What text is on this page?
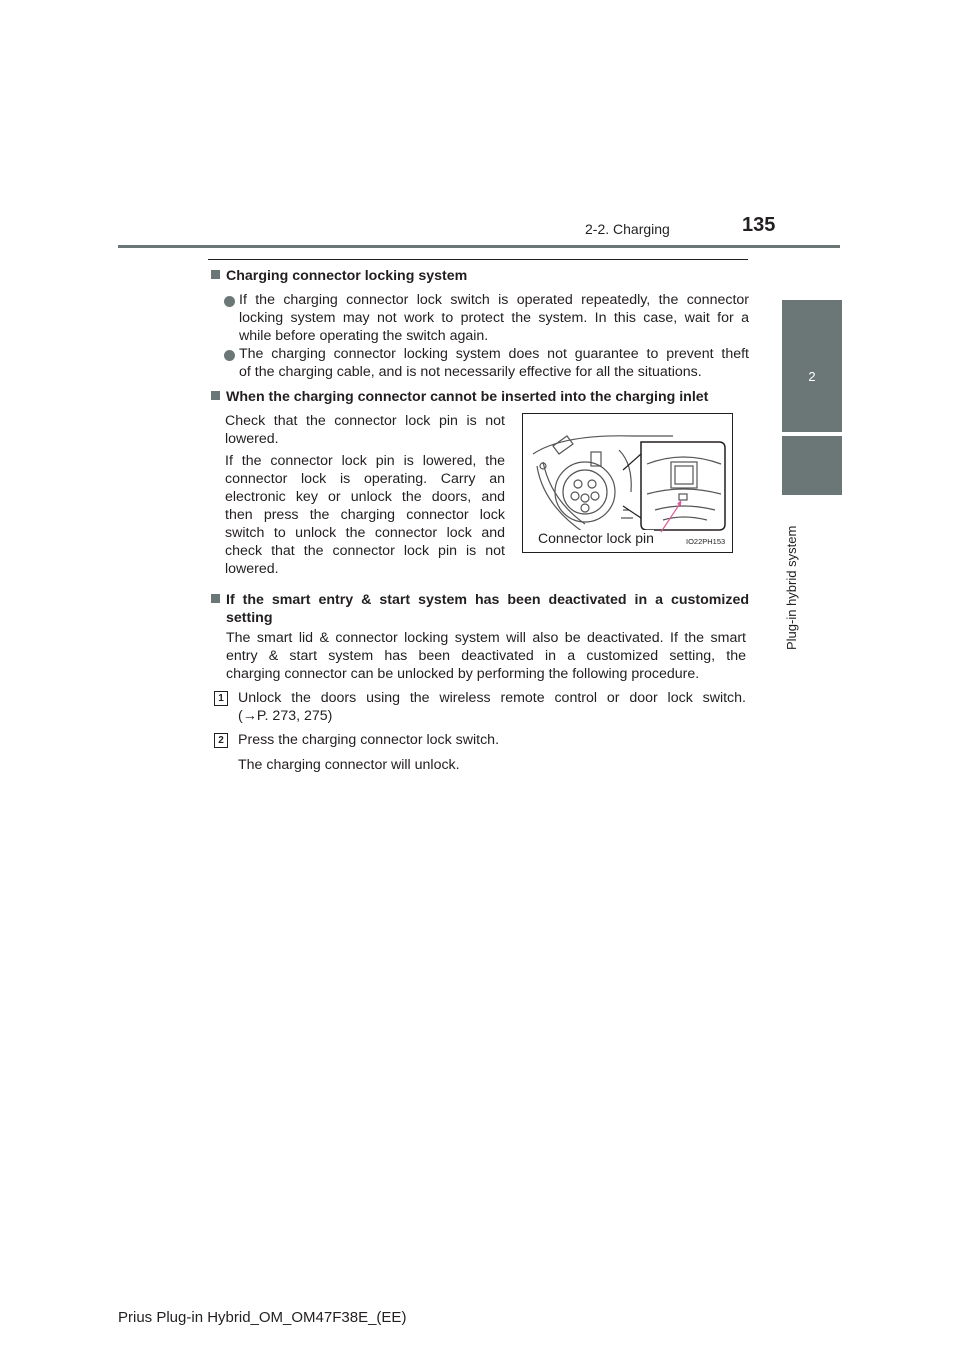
2-2. Charging	135
2
Plug-in hybrid system
Charging connector locking system
If the charging connector lock switch is operated repeatedly, the connector
locking system may not work to protect the system. In this case, wait for a
while before operating the switch again.
The charging connector locking system does not guarantee to prevent theft
of the charging cable, and is not necessarily effective for all the situations.
When the charging connector cannot be inserted into the charging inlet
Check that the connector lock pin is not
lowered.
If the connector lock pin is lowered, the
connector lock is operating. Carry an
electronic key or unlock the doors, and
then press the charging connector lock
switch to unlock the connector lock and
check that the connector lock pin is not
lowered.
Connector lock pin	IO22PH153
If the smart entry & start system has been deactivated in a customized
setting
The smart lid & connector locking system will also be deactivated. If the smart
entry & start system has been deactivated in a customized setting, the
charging connector can be unlocked by performing the following procedure.
1 Unlock the doors using the wireless remote control or door lock switch.
(→P. 273, 275)
2 Press the charging connector lock switch.
The charging connector will unlock.
Prius Plug-in Hybrid_OM_OM47F38E_(EE)
